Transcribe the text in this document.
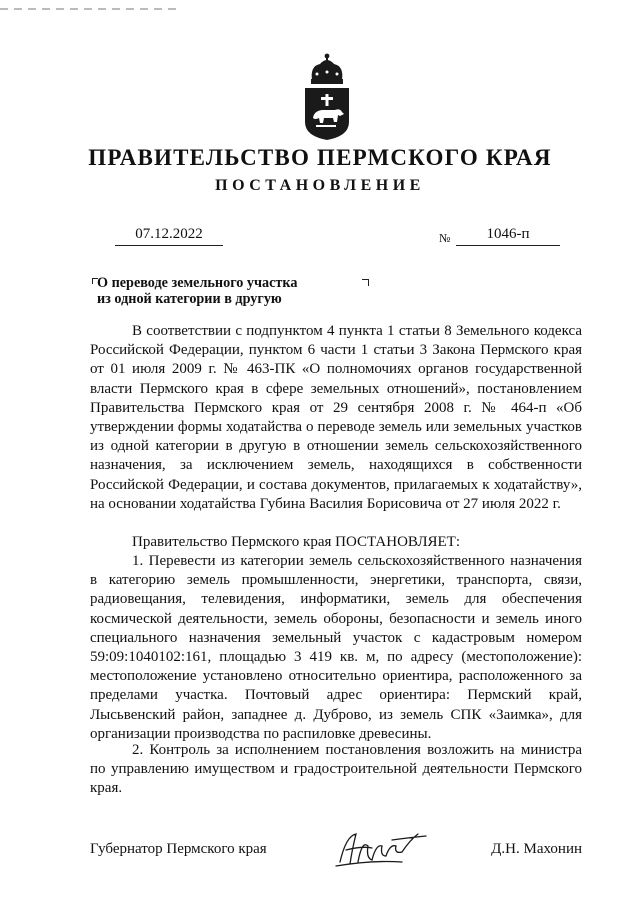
ПРАВИТЕЛЬСТВО ПЕРМСКОГО КРАЯ
ПОСТАНОВЛЕНИЕ
07.12.2022	№	1046-п
О переводе земельного участка
из одной категории в другую

В соответствии с подпунктом 4 пункта 1 статьи 8 Земельного кодекса Российской Федерации, пунктом 6 части 1 статьи 3 Закона Пермского края от 01 июля 2009 г. № 463-ПК «О полномочиях органов государственной власти Пермского края в сфере земельных отношений», постановлением Правительства Пермского края от 29 сентября 2008 г. № 464-п «Об утверждении формы ходатайства о переводе земель или земельных участков из одной категории в другую в отношении земель сельскохозяйственного назначения, за исключением земель, находящихся в собственности Российской Федерации, и состава документов, прилагаемых к ходатайству», на основании ходатайства Губина Василия Борисовича от 27 июля 2022 г.

Правительство Пермского края ПОСТАНОВЛЯЕТ:

1. Перевести из категории земель сельскохозяйственного назначения в категорию земель промышленности, энергетики, транспорта, связи, радиовещания, телевидения, информатики, земель для обеспечения космической деятельности, земель обороны, безопасности и земель иного специального назначения земельный участок с кадастровым номером 59:09:1040102:161, площадью 3 419 кв. м, по адресу (местоположение): местоположение установлено относительно ориентира, расположенного за пределами участка. Почтовый адрес ориентира: Пермский край, Лысьвенский район, западнее д. Дуброво, из земель СПК «Заимка», для организации производства по распиловке древесины.

2. Контроль за исполнением постановления возложить на министра по управлению имуществом и градостроительной деятельности Пермского края.

Губернатор Пермского края	Д.Н. Махонин
